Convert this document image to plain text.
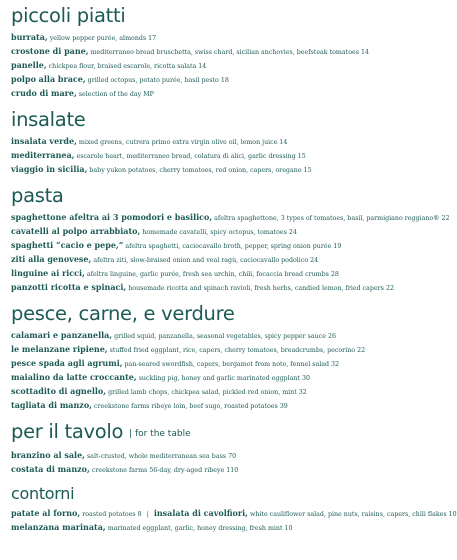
piccoli piatti
burrata, yellow pepper purée, almonds 17
crostone di pane, mediterraneo bread bruschetta, swiss chard, sicilian anchovies, beefsteak tomatoes 14
panelle, chickpea flour, braised escarole, ricotta salata 14
polpo alla brace, grilled octopus, potato purée, basil pesto 18
crudo di mare, selection of the day MP
insalate
insalata verde, mixed greens, cutrera primo extra virgin olive oil, lemon juice 14
mediterranea, escarole heart, mediterraneo bread, colatura di alici, garlic dressing 15
viaggio in sicilia, baby yukon potatoes, cherry tomatoes, red onion, capers, oregano 15
pasta
spaghettone afeltra ai 3 pomodori e basilico, afeltra spaghettone, 3 types of tomatoes, basil, parmigiano reggiano® 22
cavatelli al polpo arrabbiato, homemade cavatelli, spicy octopus, tomatoes 24
spaghetti “cacio e pepe,” afeltra spaghetti, caciocavallo broth, pepper, spring onion purée 19
ziti alla genovese, afeltra ziti, slow-braised onion and veal ragù, caciocavallo podolico 24
linguine ai ricci, afeltra linguine, garlic purée, fresh sea urchin, chili, focaccia bread crumbs 28
panzotti ricotta e spinaci, housemade ricotta and spinach ravioli, fresh herbs, candied lemon, fried capers 22
pesce, carne, e verdure
calamari e panzanella, grilled squid, panzanella, seasonal vegetables, spicy pepper sauce 26
le melanzane ripiene, stuffed fried eggplant, rice, capers, cherry tomatoes, breadcrumbs, pecorino 22
pesce spada agli agrumi, pan-seared swordfish, capers, bergamot from noto, fennel salad 32
maialino da latte croccante, suckling pig, honey and garlic marinated eggplant 30
scottadito di agnello, grilled lamb chops, chickpea salad, pickled red onion, mint 32
tagliata di manzo, creekstone farms ribeye loin, beef sugo, roasted potatoes 39
per il tavolo $^{| for the table}$
branzino al sale, salt-crusted, whole mediterranean sea bass 70
costata di manzo, creekstone farms 56-day, dry-aged ribeye 110
contorni
patate al forno, roasted potatoes 8 | insalata di cavolfiori, white cauliflower salad, pine nuts, raisins, capers, chili flakes 10
melanzana marinata, marinated eggplant, garlic, honey dressing, fresh mint 10
